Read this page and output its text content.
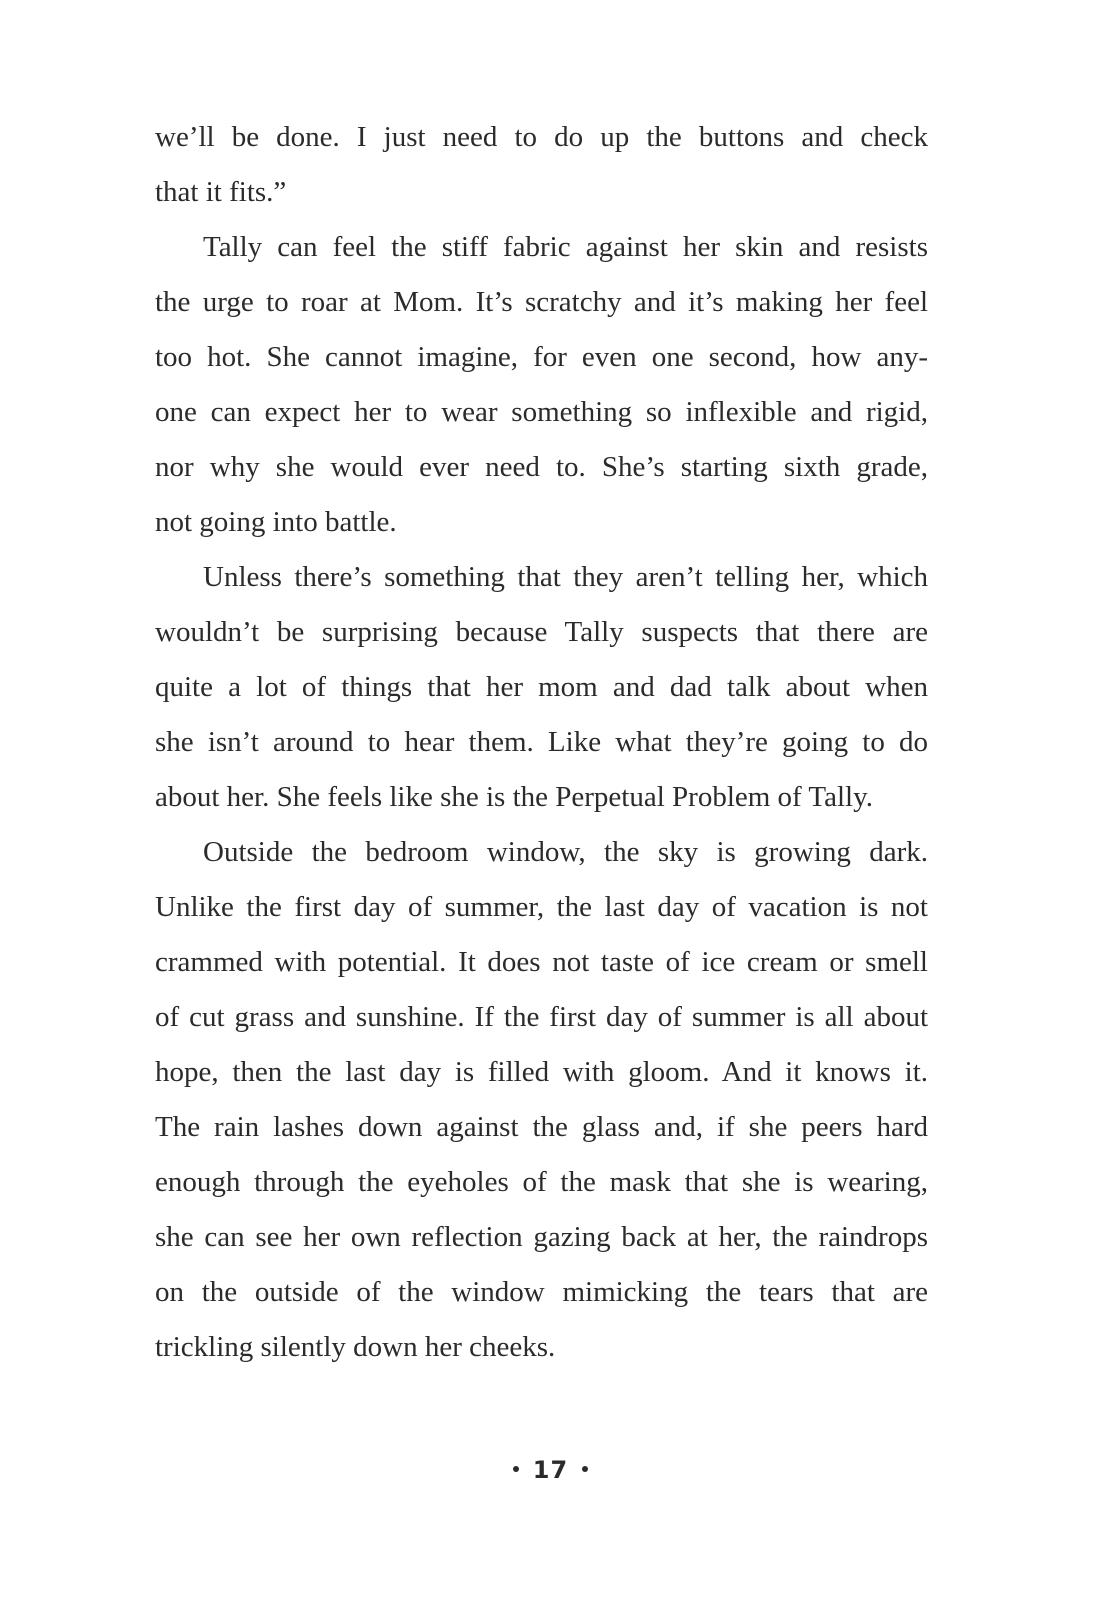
we’ll be done. I just need to do up the buttons and check
that it fits.”
Tally can feel the stiff fabric against her skin and resists
the urge to roar at Mom. It’s scratchy and it’s making her feel
too hot. She cannot imagine, for even one second, how any-
one can expect her to wear something so inflexible and rigid,
nor why she would ever need to. She’s starting sixth grade,
not going into battle.
Unless there’s something that they aren’t telling her, which
wouldn’t be surprising because Tally suspects that there are
quite a lot of things that her mom and dad talk about when
she isn’t around to hear them. Like what they’re going to do
about her. She feels like she is the Perpetual Problem of Tally.
Outside the bedroom window, the sky is growing dark.
Unlike the first day of summer, the last day of vacation is not
crammed with potential. It does not taste of ice cream or smell
of cut grass and sunshine. If the first day of summer is all about
hope, then the last day is filled with gloom. And it knows it.
The rain lashes down against the glass and, if she peers hard
enough through the eyeholes of the mask that she is wearing,
she can see her own reflection gazing back at her, the raindrops
on the outside of the window mimicking the tears that are
trickling silently down her cheeks.
17
